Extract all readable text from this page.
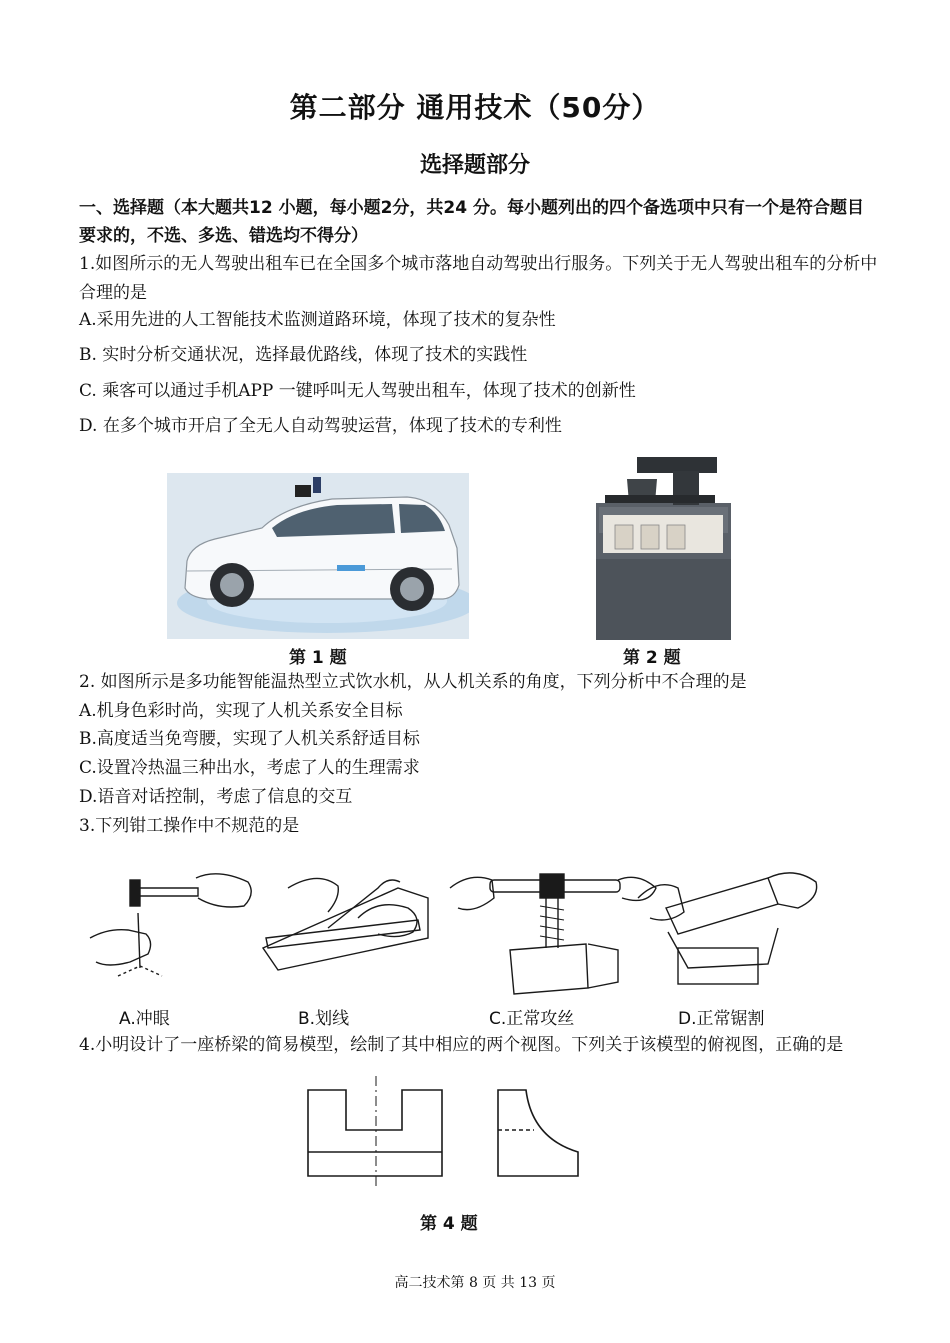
第二部分 通用技术（50分）
选择题部分
一、选择题（本大题共12 小题，每小题2分，共24 分。每小题列出的四个备选项中只有一个是符合题目要求的，不选、多选、错选均不得分）
1.如图所示的无人驾驶出租车已在全国多个城市落地自动驾驶出行服务。下列关于无人驾驶出租车的分析中合理的是
A.采用先进的人工智能技术监测道路环境，体现了技术的复杂性
B. 实时分析交通状况，选择最优路线，体现了技术的实践性
C. 乘客可以通过手机APP 一键呼叫无人驾驶出租车，体现了技术的创新性
D. 在多个城市开启了全无人自动驾驶运营，体现了技术的专利性
第 1 题	第 2 题
2. 如图所示是多功能智能温热型立式饮水机，从人机关系的角度，下列分析中不合理的是
A.机身色彩时尚，实现了人机关系安全目标
B.高度适当免弯腰，实现了人机关系舒适目标
C.设置冷热温三种出水，考虑了人的生理需求
D.语音对话控制，考虑了信息的交互
3.下列钳工操作中不规范的是
A.冲眼	B.划线	C.正常攻丝	D.正常锯割
4.小明设计了一座桥梁的简易模型，绘制了其中相应的两个视图。下列关于该模型的俯视图，正确的是
第 4 题
高二技术第 8 页 共 13 页
